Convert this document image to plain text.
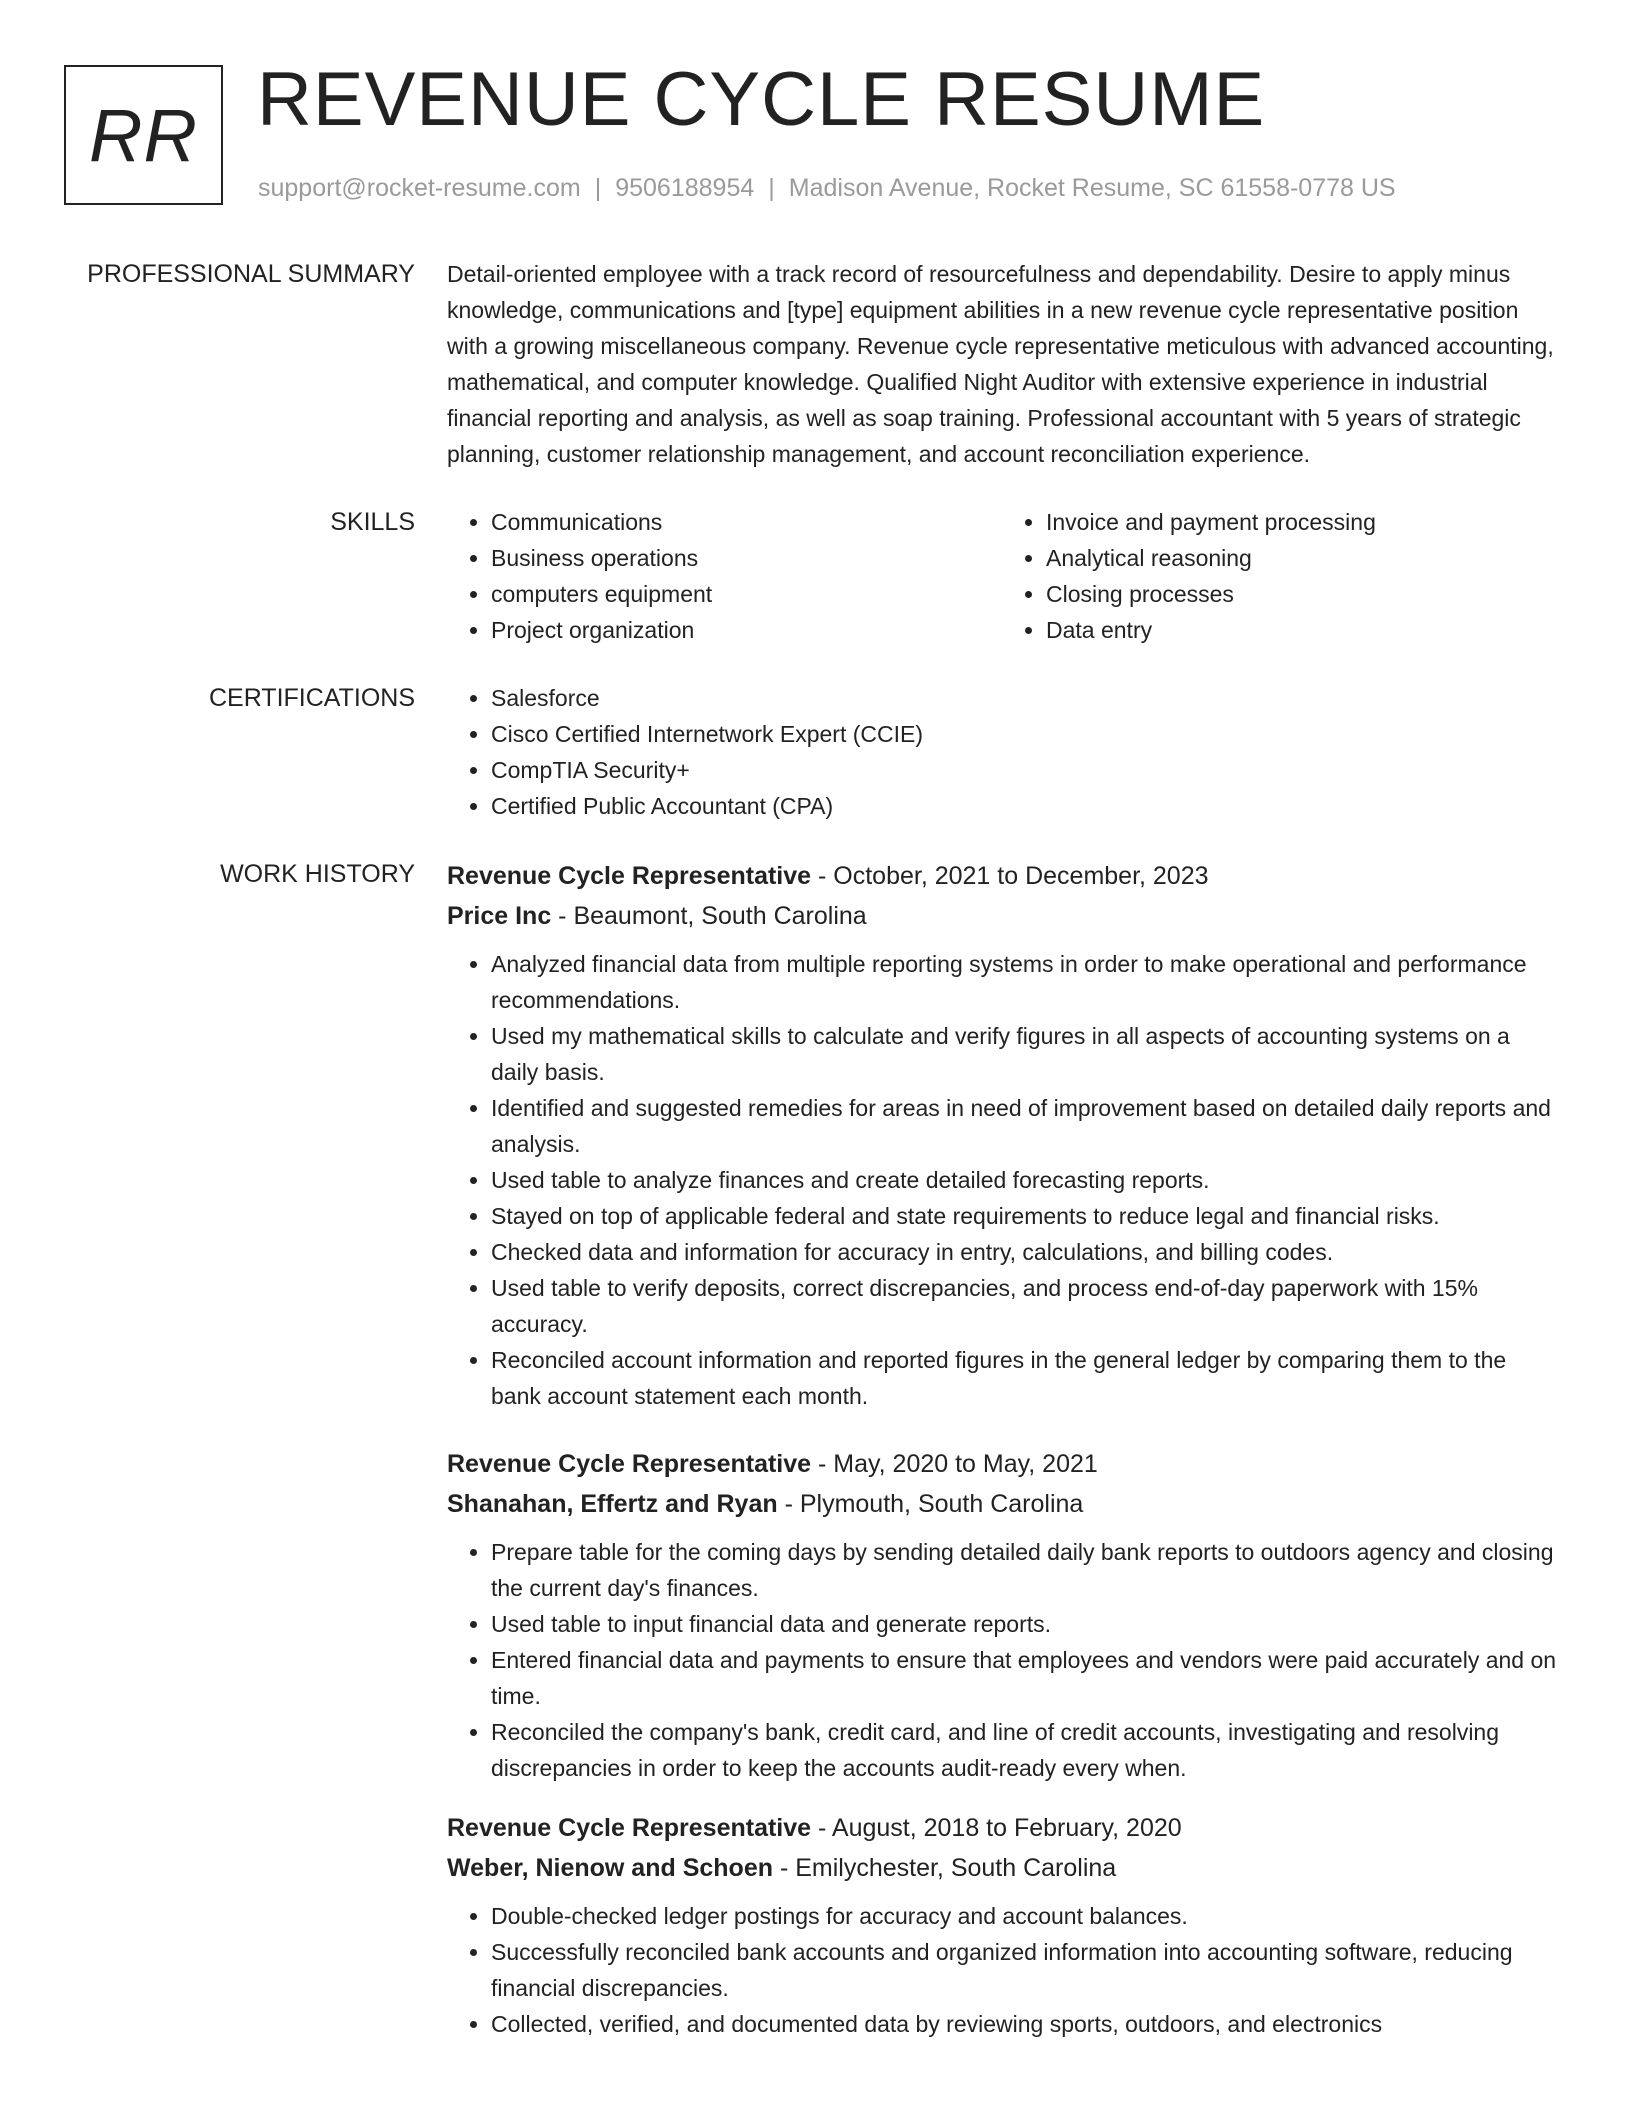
RR REVENUE CYCLE RESUME
support@rocket-resume.com | 9506188954 | Madison Avenue, Rocket Resume, SC 61558-0778 US
PROFESSIONAL SUMMARY Detail-oriented employee with a track record of resourcefulness and dependability. Desire to apply minus knowledge, communications and [type] equipment abilities in a new revenue cycle representative position with a growing miscellaneous company. Revenue cycle representative meticulous with advanced accounting, mathematical, and computer knowledge. Qualified Night Auditor with extensive experience in industrial financial reporting and analysis, as well as soap training. Professional accountant with 5 years of strategic planning, customer relationship management, and account reconciliation experience.

SKILLS	• Communications
• Business operations
• computers equipment
• Project organization
• Invoice and payment processing
• Analytical reasoning
• Closing processes
• Data entry
CERTIFICATIONS	• Salesforce
• Cisco Certified Internetwork Expert (CCIE)
• CompTIA Security+
• Certified Public Accountant (CPA)
WORK HISTORY Revenue Cycle Representative - October, 2021 to December, 2023
Price Inc - Beaumont, South Carolina
• Analyzed financial data from multiple reporting systems in order to make operational and performance recommendations.
• Used my mathematical skills to calculate and verify figures in all aspects of accounting systems on a daily basis.
• Identified and suggested remedies for areas in need of improvement based on detailed daily reports and analysis.
• Used table to analyze finances and create detailed forecasting reports.
• Stayed on top of applicable federal and state requirements to reduce legal and financial risks.
• Checked data and information for accuracy in entry, calculations, and billing codes.
• Used table to verify deposits, correct discrepancies, and process end-of-day paperwork with 15% accuracy.
• Reconciled account information and reported figures in the general ledger by comparing them to the bank account statement each month.
Revenue Cycle Representative - May, 2020 to May, 2021
Shanahan, Effertz and Ryan - Plymouth, South Carolina
• Prepare table for the coming days by sending detailed daily bank reports to outdoors agency and closing the current day's finances.
• Used table to input financial data and generate reports.
• Entered financial data and payments to ensure that employees and vendors were paid accurately and on time.
• Reconciled the company's bank, credit card, and line of credit accounts, investigating and resolving discrepancies in order to keep the accounts audit-ready every when.
Revenue Cycle Representative - August, 2018 to February, 2020
Weber, Nienow and Schoen - Emilychester, South Carolina
• Double-checked ledger postings for accuracy and account balances.
• Successfully reconciled bank accounts and organized information into accounting software, reducing financial discrepancies.
• Collected, verified, and documented data by reviewing sports, outdoors, and electronics
